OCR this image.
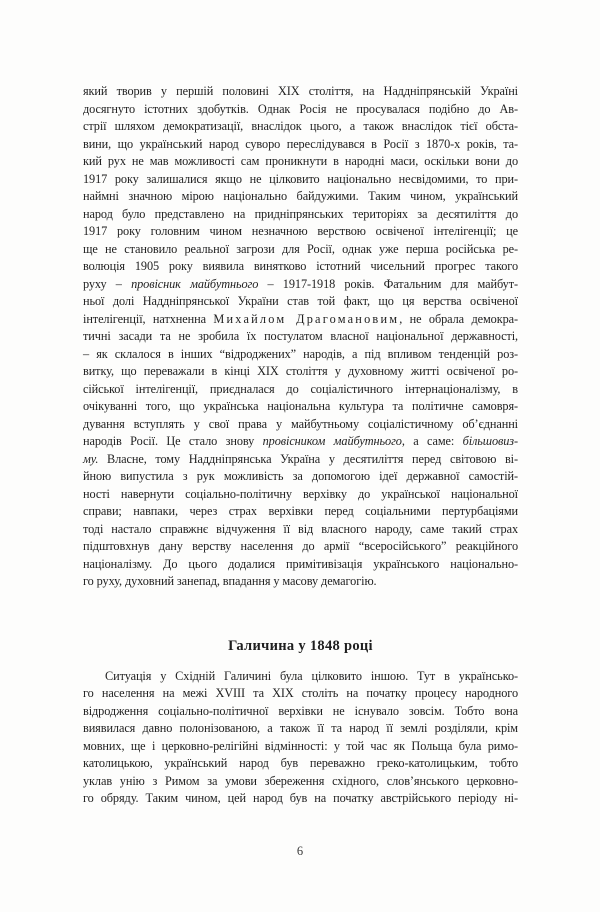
який творив у першій половині XIX століття, на Наддніпрянській Україні
досягнуто істотних здобутків. Однак Росія не просувалася подібно до Ав-
стрії шляхом демократизації, внаслідок цього, а також внаслідок тієї обста-
вини, що український народ суворо переслідувався в Росії з 1870-х років, та-
кий рух не мав можливості сам проникнути в народні маси, оскільки вони до
1917 року залишалися якщо не цілковито національно несвідомими, то при-
наймні значною мірою національно байдужими. Таким чином, український
народ було представлено на придніпрянських територіях за десятиліття до
1917 року головним чином незначною верствою освіченої інтелігенції; це
ще не становило реальної загрози для Росії, однак уже перша російська ре-
волюція 1905 року виявила винятково істотний чисельний прогрес такого
руху – провісник майбутнього – 1917-1918 років. Фатальним для майбут-
ньої долі Наддніпрянської України став той факт, що ця верства освіченої
інтелігенції, натхненна Михайлом Драгомановим, не обрала демокра-
тичні засади та не зробила їх постулатом власної національної державності,
– як склалося в інших “відроджених” народів, а під впливом тенденцій роз-
витку, що переважали в кінці XIX століття у духовному житті освіченої ро-
сійської інтелігенції, приєдналася до соціалістичного інтернаціоналізму, в
очікуванні того, що українська національна культура та політичне самовря-
дування вступлять у свої права у майбутньому соціалістичному об’єднанні
народів Росії. Це стало знову провісником майбутнього, а саме: більшовиз-
му. Власне, тому Наддніпрянська Україна у десятиліття перед світовою ві-
йною випустила з рук можливість за допомогою ідеї державної самостій-
ності навернути соціально-політичну верхівку до української національної
справи; навпаки, через страх верхівки перед соціальними пертурбаціями
тоді настало справжнє відчуження її від власного народу, саме такий страх
підштовхнув дану верству населення до армії “всеросійського” реакційного
націоналізму. До цього додалися примітивізація українського національно-
го руху, духовний занепад, впадання у масову демагогію.
Галичина у 1848 році
Ситуація у Східній Галичині була цілковито іншою. Тут в українсько-
го населення на межі XVIII та XIX століть на початку процесу народного
відродження соціально-політичної верхівки не існувало зовсім. Тобто вона
виявилася давно полонізованою, а також її та народ її землі розділяли, крім
мовних, ще і церковно-релігійні відмінності: у той час як Польща була римо-
католицькою, український народ був переважно греко-католицьким, тобто
уклав унію з Римом за умови збереження східного, слов’янського церковно-
го обряду. Таким чином, цей народ був на початку австрійського періоду ні-
6
